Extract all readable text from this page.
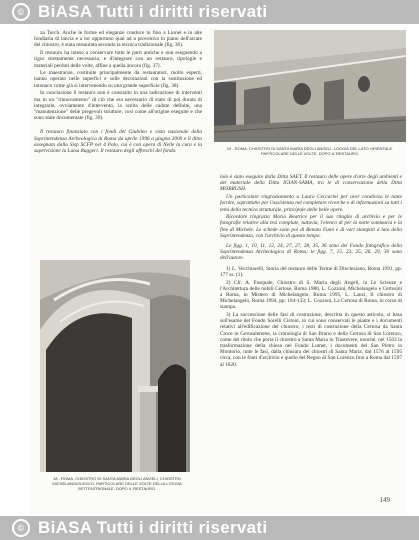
© BiASA Tutti i diritti riservati

za Turch. Anche le forme ed eleganze conduce in fino a Lionel e in alte fondiaria di lancia e a lor opportuno qual ad a proveniva in piano dell'arcate del chiostro, è stata restaurata secondo la tecnica tradizionale (fig. 36).

Il restauro ha inteso a conservare tutte le parti antiche e non eseguendo a rigor strettamente necessaria, e d'integrare con un restauro, tipologie e materiali perduti delle volte, affine a quella ancora (fig. 37).

Le maestranze, costituite principalmente da restauratori, molto esperti, hanno operato nelle superfici e sulle decorazioni con la sostituzione ed intonaco come già si intervenendo su una grande superficie (fig. 38).

In conclusione il restauro non è consistito in una radicazione di interventi ma in un "rinnovamento" di ciò che era necessario di stato di poi durata di integrarle, ovviamente d'intervento, la scelta delle cadute definite, una "manutenzione" delle pregevoli strutture, così come all'origine eseguite e che sono state documentate (fig. 39).

Il restauro finanziato con i fondi del Giubileo e vista nazionale della Soprintendenza Archeologica di Roma da aprile 1996 a giugno 2000 e il ditta assegnata dalla Sisp SCFP nel 4 Palo, cui è con opera di Nelle la cura e la supervisione la Luisa Ruggeri. Il restauro degli affreschi del fondo.	19 - ROMA, CHIOSTRO DI SANTA MARIA DEGLI ANGELI, LOGGIA DEL LATO ORIENTALE. PARTICOLARE DELLE VOLTE, DOPO IL RESTAURO.

lolo è stato eseguito dalla Ditta SAET. Il restauro delle opere d'arte degli ambienti e del materiale della Ditta IGIAN-SAMA, tra le di conservazione della Ditta MOBRUSH.

Un particolare ringraziamento a Laura Ceccarini per aver condiviso le tante fornite, soprattutto per l'assistenza nel completare ricerche e di informazioni su tutti i temi della tecnica strutturale, principale delle belle opere.

Ricordare ringrazia Maria Beatrice per il suo ritaglio di archivio e per le fotografie relative alla tesi compiute, tuttavia, l'elenco di per la notte sommaria e la fine di Michele. Le schede sono poi di Renato Fumi e di vari stampati a lato della Soprintendenza, con l'archivio di questo tempo.

Le figg. 1, 10, 11, 12, 24, 27, 27, 28, 35, 36 sono del Fondo fotografico della Soprintendenza Archeologica di Roma; le figg. 7, 15, 23, 25, 26, 29, 30 sono dell'autore.

1) L. Vecchiarelli, Storia del restauro delle Terme di Diocleziano, Roma 1991, pp. 177 ss. (1).

2) Cfr. A. Pasquale, Chiostro di S. Maria degli Angeli, in Le Scienze e l'Architettura delle nobili Certose, Roma 1980, L. Cozzoni, Michelangelo e Certosini a Roma, in Mistero di Michelangelo, Roma 1995, L. Lanzi, Il chiostro di Michelangelo, Roma 1994, pp. 104-133; L. Cozzoni, La Certosa di Roma, in corso di stampa.

3) La successione delle fasi di costruzione, descritta in questo articolo, si basa sull'esame del Fondo Sorelli Cistoni, in cui sono conservati le piante e i documenti relativi all'edificazione del chiostro; i testi di costruzione della Certosa da Santa Croce in Gerusalemme, la cronologia di San Bruno e della Certosa di San Lorenzo, come del titolo che porta il chiostro a Santa Maria in Trastevere, nonché, nel 1563 la trasformazione della chiesa nel Fondo Lumet, i documenti del San Pietro in Montorio, tutte le fasi, dalla chiusura dei chiostri di Santa Maria, dal 1576 al 1595 circa, con le fonti d'archivio e quelle del Regno di San Lorenzo fino a Roma dal 1597 al 1620.

18 - ROMA, CHIOSTRO DI SANTA MARIA DEGLI ANGELI, CHIOSTRO MICHELANGIOLESCO. PARTICOLARE DELLE VOLTE DELLA LOGGIA SETTENTRIONALE, DOPO IL RESTAURO.
149
© BiASA Tutti i diritti riservati
